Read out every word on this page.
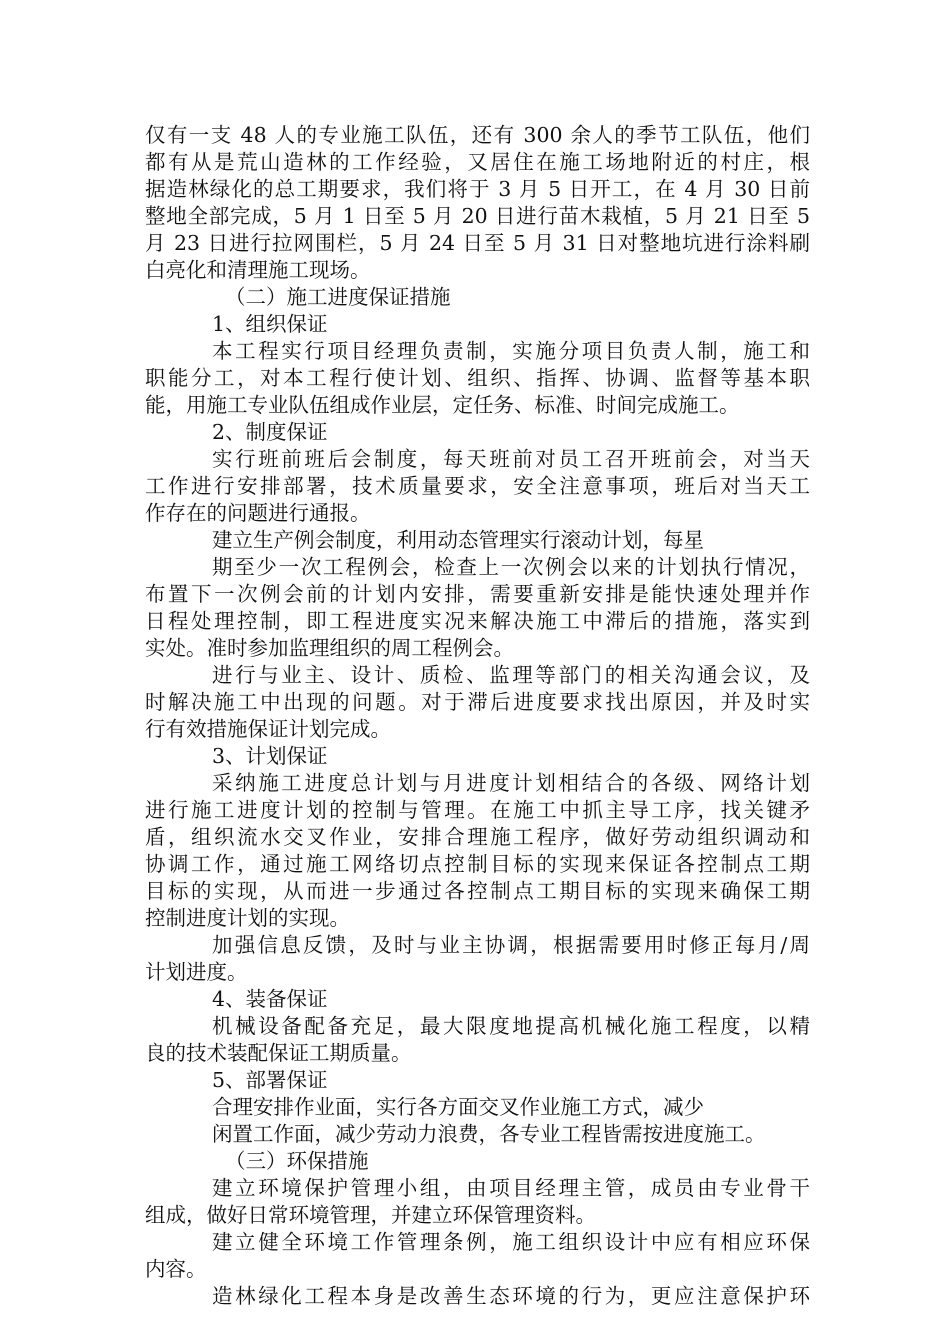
仅有一支 48 人的专业施工队伍，还有 300 余人的季节工队伍，他们
都有从是荒山造林的工作经验，又居住在施工场地附近的村庄，根
据造林绿化的总工期要求，我们将于 3 月 5 日开工，在 4 月 30 日前
整地全部完成，5 月 1 日至 5 月 20 日进行苗木栽植，5 月 21 日至 5
月 23 日进行拉网围栏，5 月 24 日至 5 月 31 日对整地坑进行涂料刷
白亮化和清理施工现场。
（二）施工进度保证措施
1、组织保证
本工程实行项目经理负责制，实施分项目负责人制，施工和
职能分工，对本工程行使计划、组织、指挥、协调、监督等基本职
能，用施工专业队伍组成作业层，定任务、标准、时间完成施工。
2、制度保证
实行班前班后会制度，每天班前对员工召开班前会，对当天
工作进行安排部署，技术质量要求，安全注意事项，班后对当天工
作存在的问题进行通报。
建立生产例会制度，利用动态管理实行滚动计划，每星
期至少一次工程例会，检查上一次例会以来的计划执行情况，
布置下一次例会前的计划内安排，需要重新安排是能快速处理并作
日程处理控制，即工程进度实况来解决施工中滞后的措施，落实到
实处。准时参加监理组织的周工程例会。
进行与业主、设计、质检、监理等部门的相关沟通会议，及
时解决施工中出现的问题。对于滞后进度要求找出原因，并及时实
行有效措施保证计划完成。
3、计划保证
采纳施工进度总计划与月进度计划相结合的各级、网络计划
进行施工进度计划的控制与管理。在施工中抓主导工序，找关键矛
盾，组织流水交叉作业，安排合理施工程序，做好劳动组织调动和
协调工作，通过施工网络切点控制目标的实现来保证各控制点工期
目标的实现，从而进一步通过各控制点工期目标的实现来确保工期
控制进度计划的实现。
加强信息反馈，及时与业主协调，根据需要用时修正每月/周
计划进度。
4、装备保证
机械设备配备充足，最大限度地提高机械化施工程度，以精
良的技术装配保证工期质量。
5、部署保证
合理安排作业面，实行各方面交叉作业施工方式，减少
闲置工作面，减少劳动力浪费，各专业工程皆需按进度施工。
（三）环保措施
建立环境保护管理小组，由项目经理主管，成员由专业骨干
组成，做好日常环境管理，并建立环保管理资料。
建立健全环境工作管理条例，施工组织设计中应有相应环保
内容。
造林绿化工程本身是改善生态环境的行为，更应注意保护环
